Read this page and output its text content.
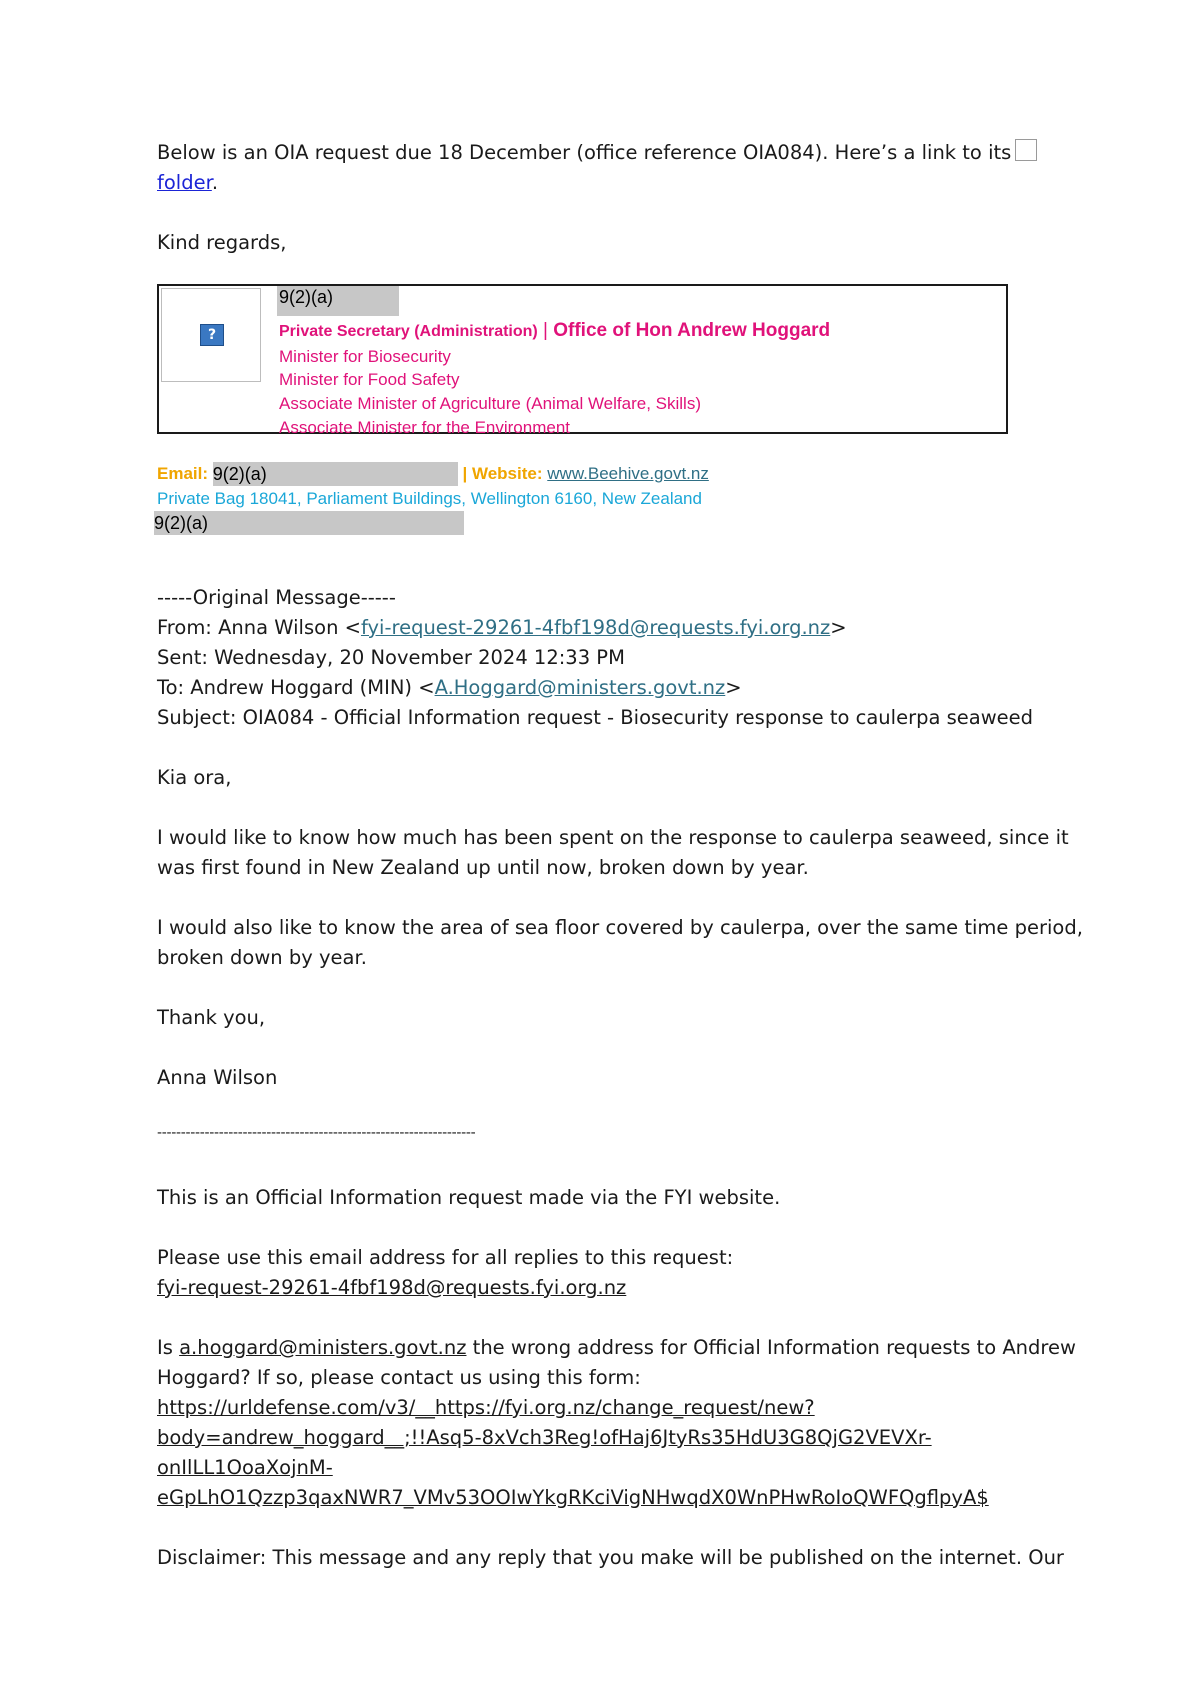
Below is an OIA request due 18 December (office reference OIA084). Here’s a link to its
folder.
Kind regards,
?
9(2)(a)
Private Secretary (Administration) | Office of Hon Andrew Hoggard
Minister for Biosecurity
Minister for Food Safety
Associate Minister of Agriculture (Animal Welfare, Skills)
Associate Minister for the Environment
Email: 9(2)(a)	| Website: www.Beehive.govt.nz
Private Bag 18041, Parliament Buildings, Wellington 6160, New Zealand
9(2)(a)
-----Original Message-----
From: Anna Wilson <fyi-request-29261-4fbf198d@requests.fyi.org.nz>
Sent: Wednesday, 20 November 2024 12:33 PM
To: Andrew Hoggard (MIN) <A.Hoggard@ministers.govt.nz>
Subject: OIA084 - Official Information request - Biosecurity response to caulerpa seaweed
Kia ora,
I would like to know how much has been spent on the response to caulerpa seaweed, since it
was first found in New Zealand up until now, broken down by year.
I would also like to know the area of sea floor covered by caulerpa, over the same time period,
broken down by year.
Thank you,
Anna Wilson
-------------------------------------------------------------------
This is an Official Information request made via the FYI website.
Please use this email address for all replies to this request:
fyi-request-29261-4fbf198d@requests.fyi.org.nz
Is a.hoggard@ministers.govt.nz the wrong address for Official Information requests to Andrew
Hoggard? If so, please contact us using this form:
https://urldefense.com/v3/__https://fyi.org.nz/change_request/new?
body=andrew_hoggard__;!!Asq5-8xVch3Reg!ofHaj6JtyRs35HdU3G8QjG2VEVXr-
onIlLL1OoaXojnM-
eGpLhO1Qzzp3qaxNWR7_VMv53OOIwYkgRKciVigNHwqdX0WnPHwRoIoQWFQgflpyA$
Disclaimer: This message and any reply that you make will be published on the internet. Our
